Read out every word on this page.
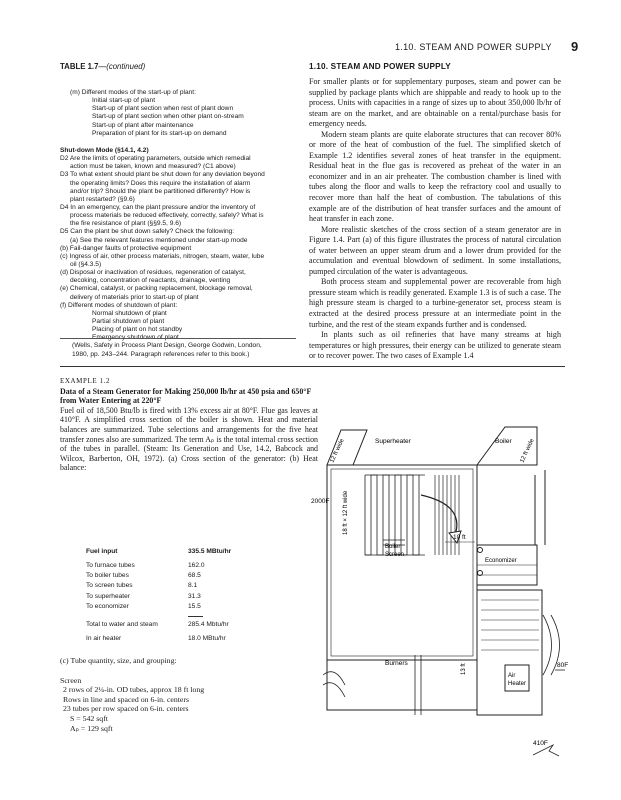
1.10. STEAM AND POWER SUPPLY 9
TABLE 1.7—(continued)
(m) Different modes of the start-up of plant:
Initial start-up of plant
Start-up of plant section when rest of plant down
Start-up of plant section when other plant on-stream
Start-up of plant after maintenance
Preparation of plant for its start-up on demand
Shut-down Mode (§14.1, 4.2)
D2 Are the limits of operating parameters, outside which remedial
action must be taken, known and measured? (C1 above)
D3 To what extent should plant be shut down for any deviation beyond
the operating limits? Does this require the installation of alarm
and/or trip? Should the plant be partitioned differently? How is
plant restarted? (§9.6)
D4 In an emergency, can the plant pressure and/or the inventory of
process materials be reduced effectively, correctly, safely? What is
the fire resistance of plant (§§9.5, 9.6)
D5 Can the plant be shut down safely? Check the following:
(a) See the relevant features mentioned under start-up mode
(b) Fail-danger faults of protective equipment
(c) Ingress of air, other process materials, nitrogen, steam, water, lube
oil (§4.3.5)
(d) Disposal or inactivation of residues, regeneration of catalyst,
decoking, concentration of reactants, drainage, venting
(e) Chemical, catalyst, or packing replacement, blockage removal,
delivery of materials prior to start-up of plant
(f) Different modes of shutdown of plant:
Normal shutdown of plant
Partial shutdown of plant
Placing of plant on hot standby
Emergency shutdown of plant
(Wells, Safety in Process Plant Design, George Godwin, London,
1980, pp. 243–244. Paragraph references refer to this book.)
1.10. STEAM AND POWER SUPPLY

For smaller plants or for supplementary purposes, steam and power can be supplied by package plants which are shippable and ready to hook up to the process. Units with capacities in a range of sizes up to about 350,000 lb/hr of steam are on the market, and are obtainable on a rental/purchase basis for emergency needs.

Modern steam plants are quite elaborate structures that can recover 80% or more of the heat of combustion of the fuel. The simplified sketch of Example 1.2 identifies several zones of heat transfer in the equipment. Residual heat in the flue gas is recovered as preheat of the water in an economizer and in an air preheater. The combustion chamber is lined with tubes along the floor and walls to keep the refractory cool and usually to recover more than half the heat of combustion. The tabulations of this example are of the distribution of heat transfer surfaces and the amount of heat transfer in each zone.

More realistic sketches of the cross section of a steam generator are in Figure 1.4. Part (a) of this figure illustrates the process of natural circulation of water between an upper steam drum and a lower drum provided for the accumulation and eventual blowdown of sediment. In some installations, pumped circulation of the water is advantageous.

Both process steam and supplemental power are recoverable from high pressure steam which is readily generated. Example 1.3 is of such a case. The high pressure steam is charged to a turbine-generator set, process steam is extracted at the desired process pressure at an intermediate point in the turbine, and the rest of the steam expands further and is condensed.

In plants such as oil refineries that have many streams at high temperatures or high pressures, their energy can be utilized to generate steam or to recover power. The two cases of Example 1.4

EXAMPLE 1.2
Data of a Steam Generator for Making 250,000 lb/hr at 450 psia and 650°F from Water Entering at 220°F
Fuel oil of 18,500 Btu/lb is fired with 13% excess air at 80°F. Flue gas leaves at 410°F. A simplified cross section of the boiler is shown. Heat and material balances are summarized. Tube selections and arrangements for the five heat transfer zones also are summarized. The term Aₚ is the total internal cross section of the tubes in parallel. (Steam: Its Generation and Use, 14.2, Babcock and Wilcox, Barberton, OH, 1972). (a) Cross section of the generator: (b) Heat balance:
Fuel input	335.5 MBtu/hr
To furnace tubes	162.0
To boiler tubes	68.5
To screen tubes	8.1
To superheater	31.3
To economizer	15.5
Total to water and steam	285.4 Mbtu/hr
In air heater	18.0 MBtu/hr
(c) Tube quantity, size, and grouping:
Screen
2 rows of 2¼-in. OD tubes, approx 18 ft long
Rows in line and spaced on 6-in. centers
23 tubes per row spaced on 6-in. centers
S = 542 sqft
Aₚ = 129 sqft
12 ft wide	Superheater	Boiler 12 ft wide
2000F 18 ft × 12 ft wide
10 ft
Boiler
Screen
Economizer
Burners	13 ft
Air
Heater
80F
410F
